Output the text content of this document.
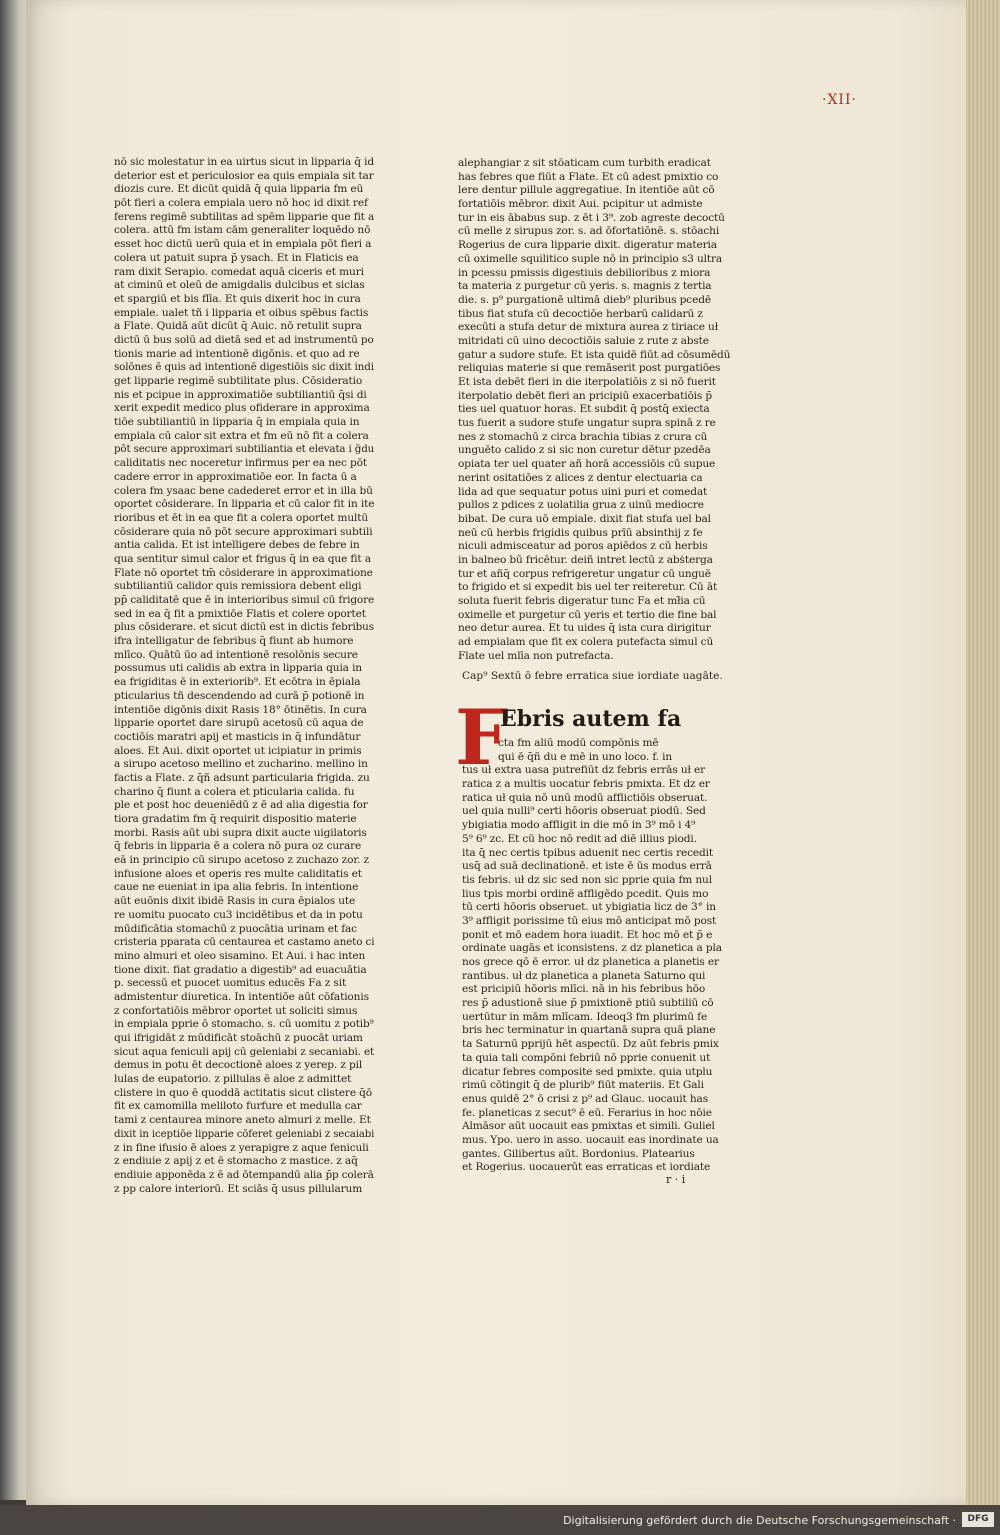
·XII·
nō sic molestatur in ea uirtus sicut in lipparia q̄ id
deterior est et periculosior ea quis empiala sit tar
diozis cure. Et dicūt quidā q̄ quia lipparia fm eū
pōt fieri a colera empiala uero nō hoc id dixit ref
ferens regimē subtilitas ad spēm lipparie que fit a
colera. attū fm istam cām generaliter loquēdo nō
esset hoc dictū uerū quia et in empiala pōt fieri a
colera ut patuit supra p̄ ysach. Et in Flaticis ea
ram dixit Serapio. comedat aquā ciceris et muri
at ciminū et oleū de amigdalis dulcibus et siclas
et spargiū et bis flīa. Et quis dixerit hoc in cura
empiale. ualet tñ i lipparia et oibus spēbus factis
a Flate. Quidā aūt dicūt q̄ Auic. nō retulit supra
dictū ū bus solū ad dietā sed et ad instrumentū po
tionis marie ad intentionē digōnis. et quo ad re
solōnes ē quis ad intentionē digestiōis sic dixit indi
get lipparie regimē subtilitate plus. Cōsideratio
nis et pcipue in approximatiōe subtiliantiū q̄si di
xerit expedit medico plus ofiderare in approxima
tiōe subtiliantiū in lipparia q̄ in empiala quia in
empiala cū calor sit extra et fm eū nō fit a colera
pōt secure approximari subtiliantia et elevata i ḡdu
caliditatis nec noceretur infirmus per ea nec pōt
cadere error in approximatiōe eor. In facta ū a
colera fm ysaac bene cadederet error et in illa bū
oportet cōsiderare. In lipparia et cū calor fit in ite
rioribus et ēt in ea que fit a colera oportet multū
cōsiderare quia nō pōt secure approximari subtili
antia calida. Et ist̄ intelligere debes de febre in
qua sentitur simul calor et frigus q̄ in ea que fit a
Flate nō oportet tm̄ cōsiderare in approximatione
subtiliantiū calidor quis remissiora debent eligi
pp̄ caliditatē que ē in interioribus simul cū frigore
sed in ea q̄ fit a pmixtiōe Flatis et colere oportet
plus cōsiderare. et sicut dictū est in dictis febribus
ifra intelligatur de febribus q̄ fiunt ab humore
mlīco. Quātū ūo ad intentionē resolōnis secure
possumus uti calidis ab extra in lipparia quia in
ea frigiditas ē in exteriorib⁹. Et ecōtra in ēpiala
pticularius tñ descendendo ad curā p̄ potionē in
intentiōe digōnis dixit Rasis 18° ōtinētis. In cura
lipparie oportet dare sirupū acetosū cū aqua de
coctiōis maratri apij et masticis in q̄ infundātur
aloes. Et Aui. dixit oportet ut icipiatur in primis
a sirupo acetoso mellino et zucharino. mellino in
factis a Flate. z q̄ñ adsunt particularia frigida. zu
charino q̄ fiunt a colera et pticularia calida. fu
ple et post hoc deueniēdū z ē ad alia digestia for
tiora gradatim fm q̄ requirit dispositio materie
morbi. Rasis aūt ubi supra dixit aucte uigilatoris
q̄ febris in lipparia ē a colera nō pura oz curare
eā in principio cū sirupo acetoso z zuchazo zor. z
infusione aloes et operis res multe caliditatis et
caue ne eueniat in ipa alia febris. In intentione
aūt euōnis dixit ibidē Rasis in cura ēpialos ute
re uomitu puocato cu3 incidētibus et da in potu
mūdificātia stomachū z puocātia urinam et fac
cristeria pparata cū centaurea et castamo aneto ci
mino almuri et oleo sisamino. Et Aui. i hac inten
tione dixit. fiat gradatio a digestib⁹ ad euacuātia
p. secessū et puocet uomitus educēs F̄a z sit̄
admistentur diuretica. In intentiōe aūt cōfationis
z confortatiōis mēbror oportet ut soliciti simus
in empiala pprie ō stomacho. s. cū uomitu z potib⁹
qui ifrigidāt z mūdificāt stoāchū z puocāt uriam
sicut aqua feniculi apij cū geleniabi z secaniabi. et
demus in potu ēt decoctionē aloes z yerep. z pil
lulas de eupatorio. z pillulas ē aloe z admittet
clistere in quo ē quoddā actitatis sicut clistere q̄ō
fit ex camomilla meliloto furfure et medulla car
tami z centaurea minore aneto almuri z melle. Et
dixit in iceptiōe lipparie cōferet geleniabi z secaiabi
z in fine ifusio ē aloes z yerapigre z aque feniculi
z endiuie z apij z et ē stomacho z mastice. z aq̄
endiuie apponēda z ē ad ōtempandū alia p̄p colerā
z pp calore interiorū. Et sciās q̄ usus pillularum
alephangiar z sit̄ stōaticam cum turbith eradicat
has febres que fiūt a Flate. Et cū adest pmixtio co
lere dentur pillule aggregatiue. In itentiōe aūt cō
fortatiōis mēbror. dixit Aui. pcipitur ut admiste
tur in eis ābabus sup. z ēt i 3⁹. zob agreste decoctū
cū melle z sirupus zor. s. ad ōfortatiōnē. s. stōachi
Rogerius de cura lipparie dixit. digeratur materia
cū oximelle squilitico suple nō in principio s3 ultra
in pcessu pmissis digestiuis debilioribus z miora
ta materia z purgetur cū yeris. s. magnis z tertia
die. s. p⁹ purgationē ultimā dieb⁹ pluribus pcedē
tibus fiat stufa cū decoctiōe herbarū calidarū z
execūti a stufa detur de mixtura aurea z tiriace uł
mitridati cū uino decoctiōis saluie z rute z absṫe
gatur a sudore stufe. Et ista quidē fiūt ad cōsumēdū
reliquias materie si que remāserit post purgatiōes
Et ista debēt fieri in die iterpolatiōis z si nō fuerit
iterpolatio debēt fieri an pricipiū exacerbatiōis p̄
ties uel quatuor horas. Et subdit q̄ postq̄ exiecta
tus fuerit a sudore stufe ungatur supra spinā z re
nes z stomachū z circa brachia tibias z crura cū
unguēto calido z si sic non curetur dētur pzedēa
opiata ter uel quater añ horā accessiōis cū supue
nerint ositatiōes z alices z dentur electuaria ca
lida ad que sequatur potus uini puri et comedat
pullos z pdices z uolatilia grua z uinū mediocre
bibat. De cura uō empiale. dixit fiat stufa uel bal
neū cū herbis frigidis quibus prīū absinthij z fe
niculi admisceatur ad poros apiēdos z cū herbis
in balneo bū fricētur. deiñ intret lectū z abṡterga
tur et añq̄ corpus refrigeretur ungatur cū unguē
to frigido et si expedit bis uel ter reiteretur. Cū āt
soluta fuerit febris digeratur tunc F̄a et mł̄ia cū
oximelle et purgetur cū yeris et tertio die fine bal
neo detur aurea. Et tu uides q̄ ista cura dirigitur
ad empialam que fit ex colera putefacta simul cū
Flate uel mlīa non putrefacta.
Cap⁹ Sextū ō febre erratica siue iordiate uagāte.
F
Ebris autem fa
cta fm aliū modū compōnis mē
qui ē q̄ñ du e mē in uno loco. f. in
tus uł extra uasa putrefiūt dz febris errās uł er
ratica z a multis uocatur febris pmixta. Et dz er
ratica uł quia nō unū modū afflictiōis obseruat.
uel quia nulli⁹ certi hōoris obseruat piodū. Sed
ybigiatia modo affligit in die mō in 3⁹ mō i 4⁹
5⁹ 6⁹ zc. Et cū hoc nō redit ad diē illius piodi.
ita q̄ nec certis tpibus aduenit nec certis recedit
usq̄ ad suā declinationē. et iste ē ūs modus errā
tis febris. uł dz sic sed non sic pprie quia fm nul
lius tpis morbi ordinē affligēdo pcedit. Quis mo
ṫū certi hōoris obseruet. ut ybigiatia licz de 3° in
3⁹ affligit porissime tū eius mō anticipat mō post
ponit et mō eadem hora iuadit. Et hoc mō et p̄ e
ordinate uagās et iconsistens. z dz planetica a pla
nos grece qō ē error. uł dz planetica a planetis er
rantibus. uł dz planetica a planeta Saturno qui
est pricipiū hōoris mlīci. nā in his febribus hōo
res p̄ adustionē siue p̄ pmixtionē ptiū subtiliū cō
uertūtur in mām mlīcam. Ideoq3 fm plurimū fe
bris hec terminatur in quartanā supra quā plane
ta Saturnū pprijū hēt aspectū. Dz aūt febris pmix
ta quia tali compōni febriū nō pprie conuenit ut
dicatur febres composite sed pmixte. quia utplu
rimū cōtingit q̄ de plurib⁹ fiūt materiis. Et Gali
enus quidē 2° ō crisi z p⁹ ad Glauc. uocauit has
fe. planeticas z secut⁹ ē eū. Ferarius in hoc nōie
Almāsor aūt uocauit eas pmixtas et simili. Guliel
mus. Ypo. uero in asso. uocauit eas inordinate ua
gantes. Gilibertus aūt. Bordonius. Platearius
et Rogerius. uocauerūt eas erraticas et iordiate
r · i
Digitalisierung gefördert durch die Deutsche Forschungsgemeinschaft ·	DFG
